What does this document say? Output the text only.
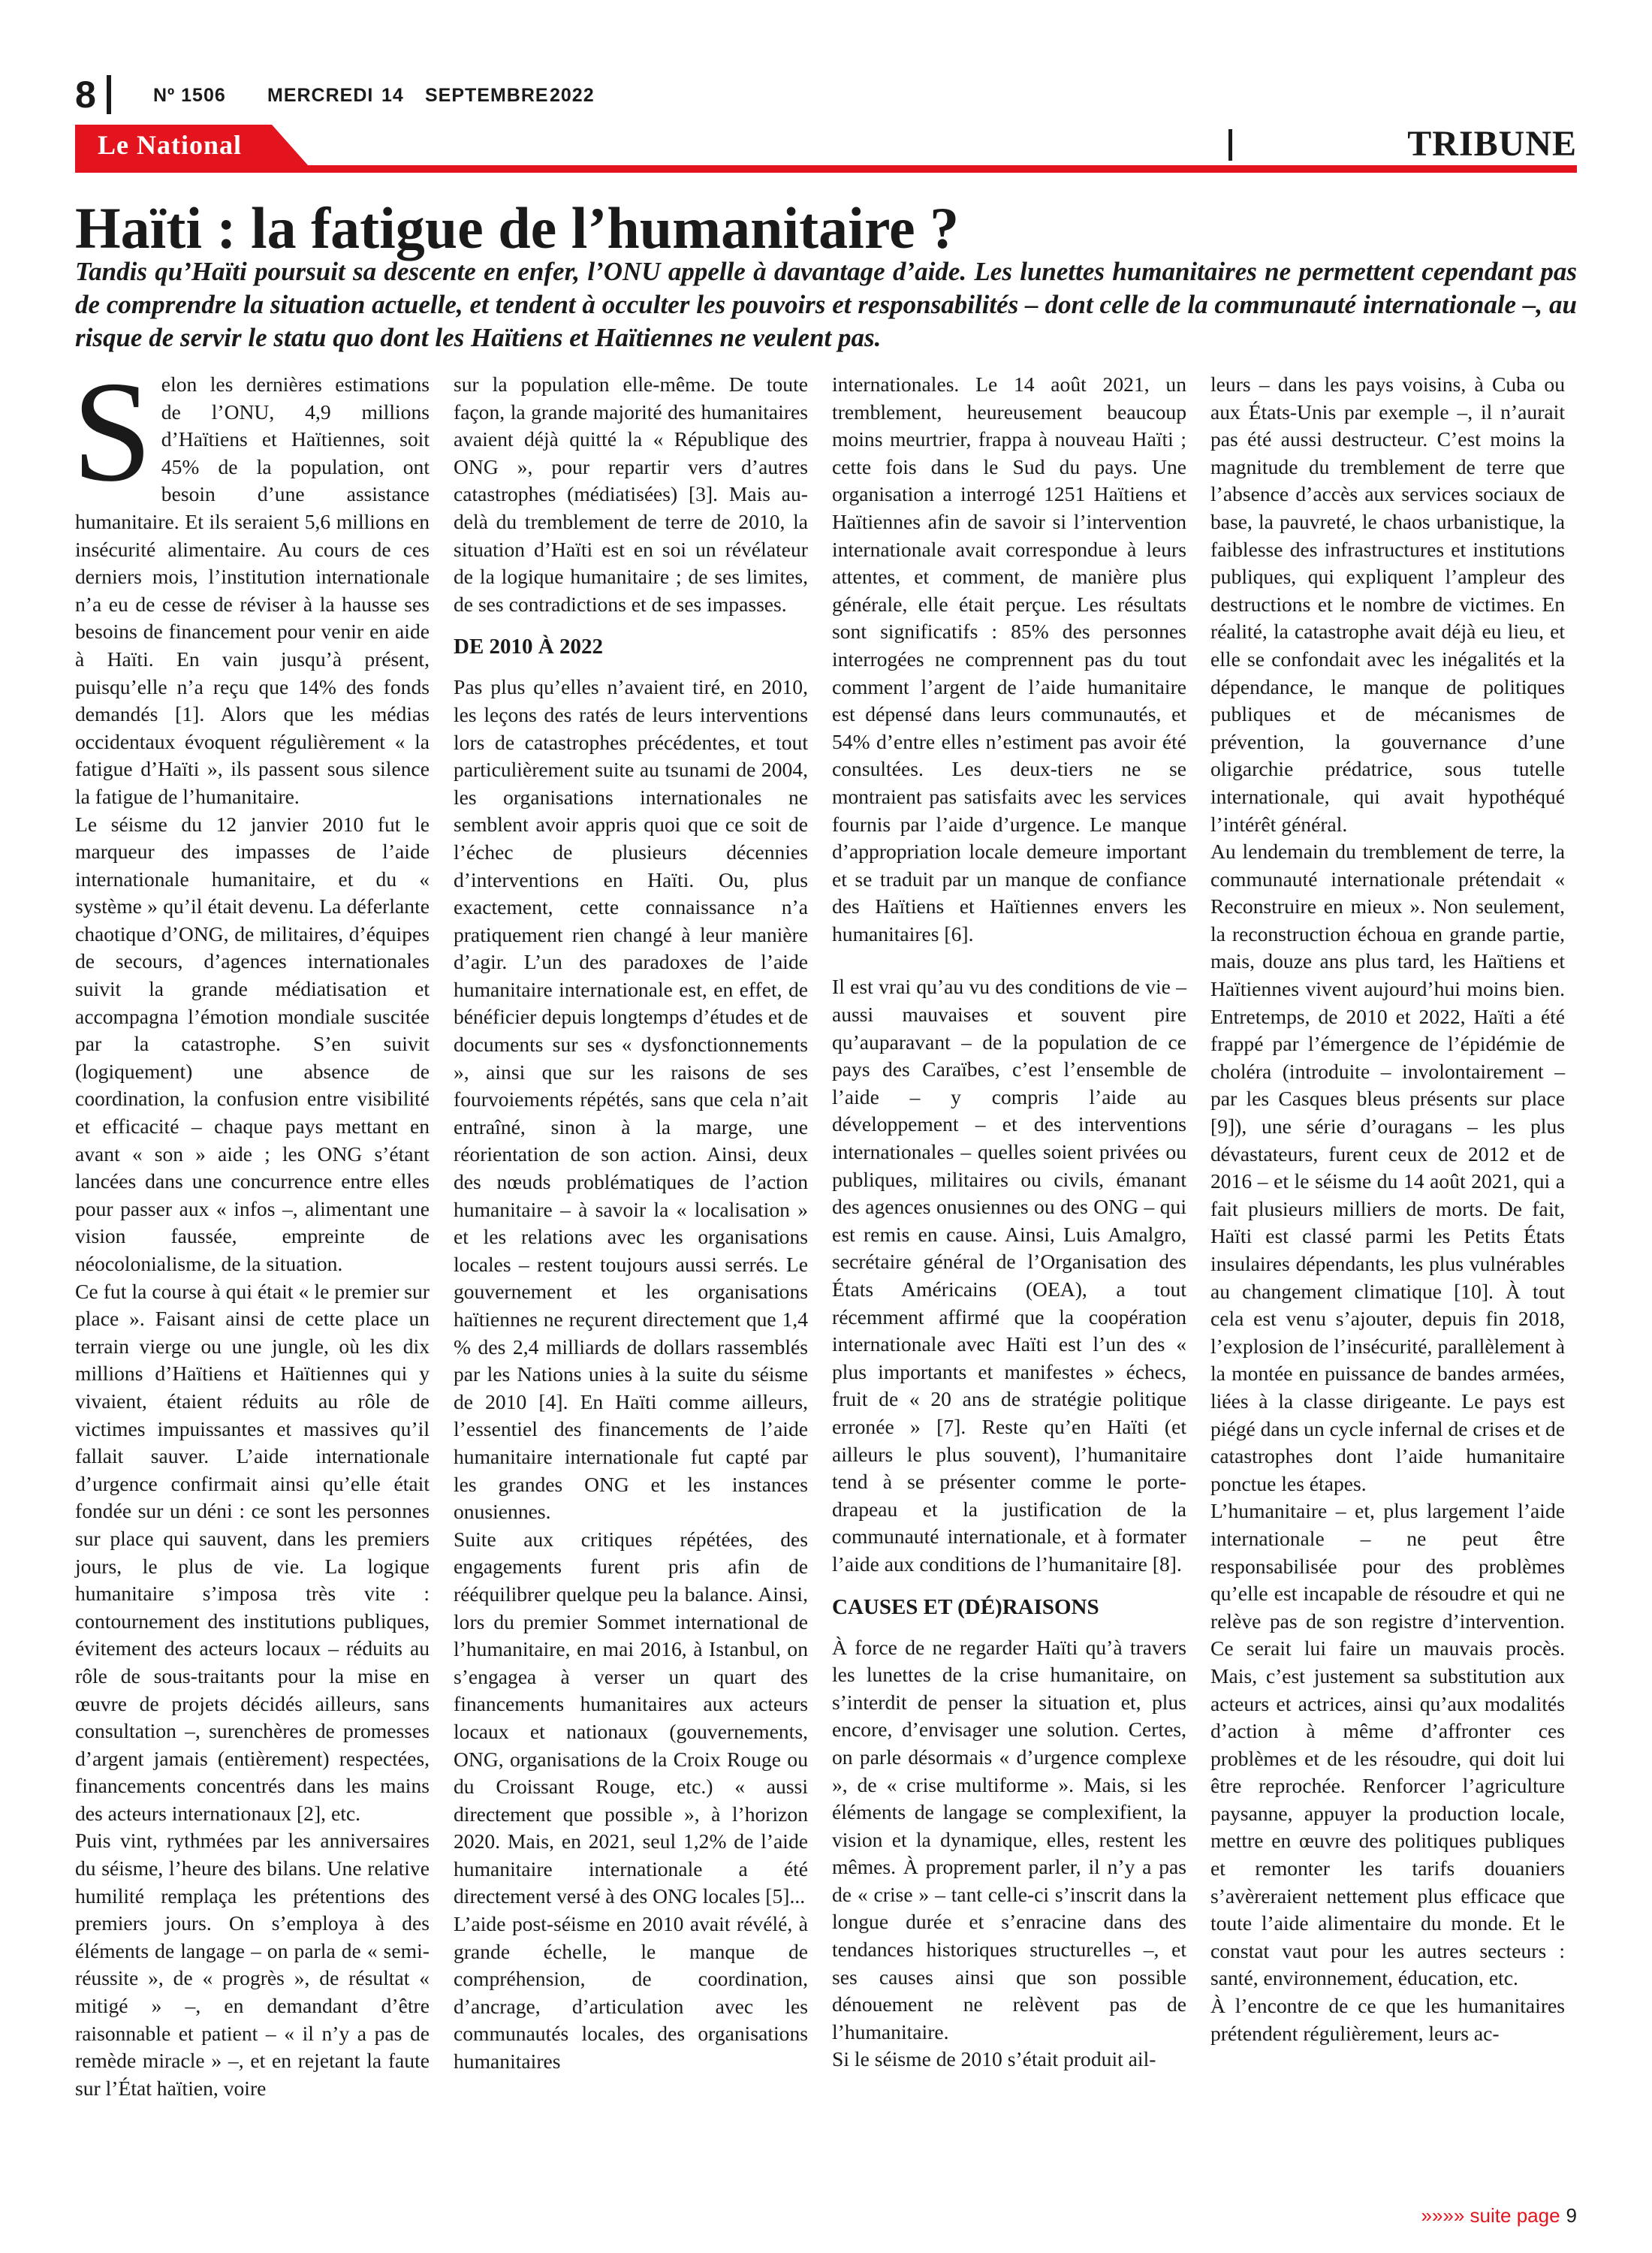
8	Nº 1506 MERCREDI 14 SEPTEMBRE 2022
Le National	TRIBUNE
Haïti : la fatigue de l’humanitaire ?

Tandis qu’Haïti poursuit sa descente en enfer, l’ONU appelle à davantage d’aide. Les lunettes humanitaires ne permettent cependant pas de comprendre la situation actuelle, et tendent à occulter les pouvoirs et responsabilités – dont celle de la communauté internationale –, au risque de servir le statu quo dont les Haïtiens et Haïtiennes ne veulent pas.

Selon les dernières estimations de l’ONU, 4,9 millions d’Haïtiens et Haïtiennes, soit 45% de la population, ont besoin d’une assistance humanitaire. Et ils seraient 5,6 millions en insécurité alimentaire. Au cours de ces derniers mois, l’institution internationale n’a eu de cesse de réviser à la hausse ses besoins de financement pour venir en aide à Haïti. En vain jusqu’à présent, puisqu’elle n’a reçu que 14% des fonds demandés [1]. Alors que les médias occidentaux évoquent régulièrement « la fatigue d’Haïti », ils passent sous silence la fatigue de l’humanitaire.

Le séisme du 12 janvier 2010 fut le marqueur des impasses de l’aide internationale humanitaire, et du « système » qu’il était devenu. La déferlante chaotique d’ONG, de militaires, d’équipes de secours, d’agences internationales suivit la grande médiatisation et accompagna l’émotion mondiale suscitée par la catastrophe. S’en suivit (logiquement) une absence de coordination, la confusion entre visibilité et efficacité – chaque pays mettant en avant « son » aide ; les ONG s’étant lancées dans une concurrence entre elles pour passer aux « infos –, alimentant une vision faussée, empreinte de néocolonialisme, de la situation.

Ce fut la course à qui était « le premier sur place ». Faisant ainsi de cette place un terrain vierge ou une jungle, où les dix millions d’Haïtiens et Haïtiennes qui y vivaient, étaient réduits au rôle de victimes impuissantes et massives qu’il fallait sauver. L’aide internationale d’urgence confirmait ainsi qu’elle était fondée sur un déni : ce sont les personnes sur place qui sauvent, dans les premiers jours, le plus de vie. La logique humanitaire s’imposa très vite : contournement des institutions publiques, évitement des acteurs locaux – réduits au rôle de sous-traitants pour la mise en œuvre de projets décidés ailleurs, sans consultation –, surenchères de promesses d’argent jamais (entièrement) respectées, financements concentrés dans les mains des acteurs internationaux [2], etc.

Puis vint, rythmées par les anniversaires du séisme, l’heure des bilans. Une relative humilité remplaça les prétentions des premiers jours. On s’employa à des éléments de langage – on parla de « semi-réussite », de « progrès », de résultat « mitigé » –, en demandant d’être raisonnable et patient – « il n’y a pas de remède miracle » –, et en rejetant la faute sur l’État haïtien, voire

sur la population elle-même. De toute façon, la grande majorité des humanitaires avaient déjà quitté la « République des ONG », pour repartir vers d’autres catastrophes (médiatisées) [3]. Mais au-delà du tremblement de terre de 2010, la situation d’Haïti est en soi un révélateur de la logique humanitaire ; de ses limites, de ses contradictions et de ses impasses.

DE 2010 À 2022

Pas plus qu’elles n’avaient tiré, en 2010, les leçons des ratés de leurs interventions lors de catastrophes précédentes, et tout particulièrement suite au tsunami de 2004, les organisations internationales ne semblent avoir appris quoi que ce soit de l’échec de plusieurs décennies d’interventions en Haïti. Ou, plus exactement, cette connaissance n’a pratiquement rien changé à leur manière d’agir. L’un des paradoxes de l’aide humanitaire internationale est, en effet, de bénéficier depuis longtemps d’études et de documents sur ses « dysfonctionnements », ainsi que sur les raisons de ses fourvoiements répétés, sans que cela n’ait entraîné, sinon à la marge, une réorientation de son action. Ainsi, deux des nœuds problématiques de l’action humanitaire – à savoir la « localisation » et les relations avec les organisations locales – restent toujours aussi serrés. Le gouvernement et les organisations haïtiennes ne reçurent directement que 1,4 % des 2,4 milliards de dollars rassemblés par les Nations unies à la suite du séisme de 2010 [4]. En Haïti comme ailleurs, l’essentiel des financements de l’aide humanitaire internationale fut capté par les grandes ONG et les instances onusiennes.

Suite aux critiques répétées, des engagements furent pris afin de rééquilibrer quelque peu la balance. Ainsi, lors du premier Sommet international de l’humanitaire, en mai 2016, à Istanbul, on s’engagea à verser un quart des financements humanitaires aux acteurs locaux et nationaux (gouvernements, ONG, organisations de la Croix Rouge ou du Croissant Rouge, etc.) « aussi directement que possible », à l’horizon 2020. Mais, en 2021, seul 1,2% de l’aide humanitaire internationale a été directement versé à des ONG locales [5]...

L’aide post-séisme en 2010 avait révélé, à grande échelle, le manque de compréhension, de coordination, d’ancrage, d’articulation avec les communautés locales, des organisations humanitaires

internationales. Le 14 août 2021, un tremblement, heureusement beaucoup moins meurtrier, frappa à nouveau Haïti ; cette fois dans le Sud du pays. Une organisation a interrogé 1251 Haïtiens et Haïtiennes afin de savoir si l’intervention internationale avait correspondue à leurs attentes, et comment, de manière plus générale, elle était perçue. Les résultats sont significatifs : 85% des personnes interrogées ne comprennent pas du tout comment l’argent de l’aide humanitaire est dépensé dans leurs communautés, et 54% d’entre elles n’estiment pas avoir été consultées. Les deux-tiers ne se montraient pas satisfaits avec les services fournis par l’aide d’urgence. Le manque d’appropriation locale demeure important et se traduit par un manque de confiance des Haïtiens et Haïtiennes envers les humanitaires [6].

Il est vrai qu’au vu des conditions de vie – aussi mauvaises et souvent pire qu’auparavant – de la population de ce pays des Caraïbes, c’est l’ensemble de l’aide – y compris l’aide au développement – et des interventions internationales – quelles soient privées ou publiques, militaires ou civils, émanant des agences onusiennes ou des ONG – qui est remis en cause. Ainsi, Luis Amalgro, secrétaire général de l’Organisation des États Américains (OEA), a tout récemment affirmé que la coopération internationale avec Haïti est l’un des « plus importants et manifestes » échecs, fruit de « 20 ans de stratégie politique erronée » [7]. Reste qu’en Haïti (et ailleurs le plus souvent), l’humanitaire tend à se présenter comme le porte-drapeau et la justification de la communauté internationale, et à formater l’aide aux conditions de l’humanitaire [8].

CAUSES ET (DÉ)RAISONS

À force de ne regarder Haïti qu’à travers les lunettes de la crise humanitaire, on s’interdit de penser la situation et, plus encore, d’envisager une solution. Certes, on parle désormais « d’urgence complexe », de « crise multiforme ». Mais, si les éléments de langage se complexifient, la vision et la dynamique, elles, restent les mêmes. À proprement parler, il n’y a pas de « crise » – tant celle-ci s’inscrit dans la longue durée et s’enracine dans des tendances historiques structurelles –, et ses causes ainsi que son possible dénouement ne relèvent pas de l’humanitaire.

Si le séisme de 2010 s’était produit ail-

leurs – dans les pays voisins, à Cuba ou aux États-Unis par exemple –, il n’aurait pas été aussi destructeur. C’est moins la magnitude du tremblement de terre que l’absence d’accès aux services sociaux de base, la pauvreté, le chaos urbanistique, la faiblesse des infrastructures et institutions publiques, qui expliquent l’ampleur des destructions et le nombre de victimes. En réalité, la catastrophe avait déjà eu lieu, et elle se confondait avec les inégalités et la dépendance, le manque de politiques publiques et de mécanismes de prévention, la gouvernance d’une oligarchie prédatrice, sous tutelle internationale, qui avait hypothéqué l’intérêt général.

Au lendemain du tremblement de terre, la communauté internationale prétendait « Reconstruire en mieux ». Non seulement, la reconstruction échoua en grande partie, mais, douze ans plus tard, les Haïtiens et Haïtiennes vivent aujourd’hui moins bien. Entretemps, de 2010 et 2022, Haïti a été frappé par l’émergence de l’épidémie de choléra (introduite – involontairement – par les Casques bleus présents sur place [9]), une série d’ouragans – les plus dévastateurs, furent ceux de 2012 et de 2016 – et le séisme du 14 août 2021, qui a fait plusieurs milliers de morts. De fait, Haïti est classé parmi les Petits États insulaires dépendants, les plus vulnérables au changement climatique [10]. À tout cela est venu s’ajouter, depuis fin 2018, l’explosion de l’insécurité, parallèlement à la montée en puissance de bandes armées, liées à la classe dirigeante. Le pays est piégé dans un cycle infernal de crises et de catastrophes dont l’aide humanitaire ponctue les étapes.

L’humanitaire – et, plus largement l’aide internationale – ne peut être responsabilisée pour des problèmes qu’elle est incapable de résoudre et qui ne relève pas de son registre d’intervention. Ce serait lui faire un mauvais procès. Mais, c’est justement sa substitution aux acteurs et actrices, ainsi qu’aux modalités d’action à même d’affronter ces problèmes et de les résoudre, qui doit lui être reprochée. Renforcer l’agriculture paysanne, appuyer la production locale, mettre en œuvre des politiques publiques et remonter les tarifs douaniers s’avèreraient nettement plus efficace que toute l’aide alimentaire du monde. Et le constat vaut pour les autres secteurs : santé, environnement, éducation, etc.

À l’encontre de ce que les humanitaires prétendent régulièrement, leurs ac-

»»»» suite page 9
